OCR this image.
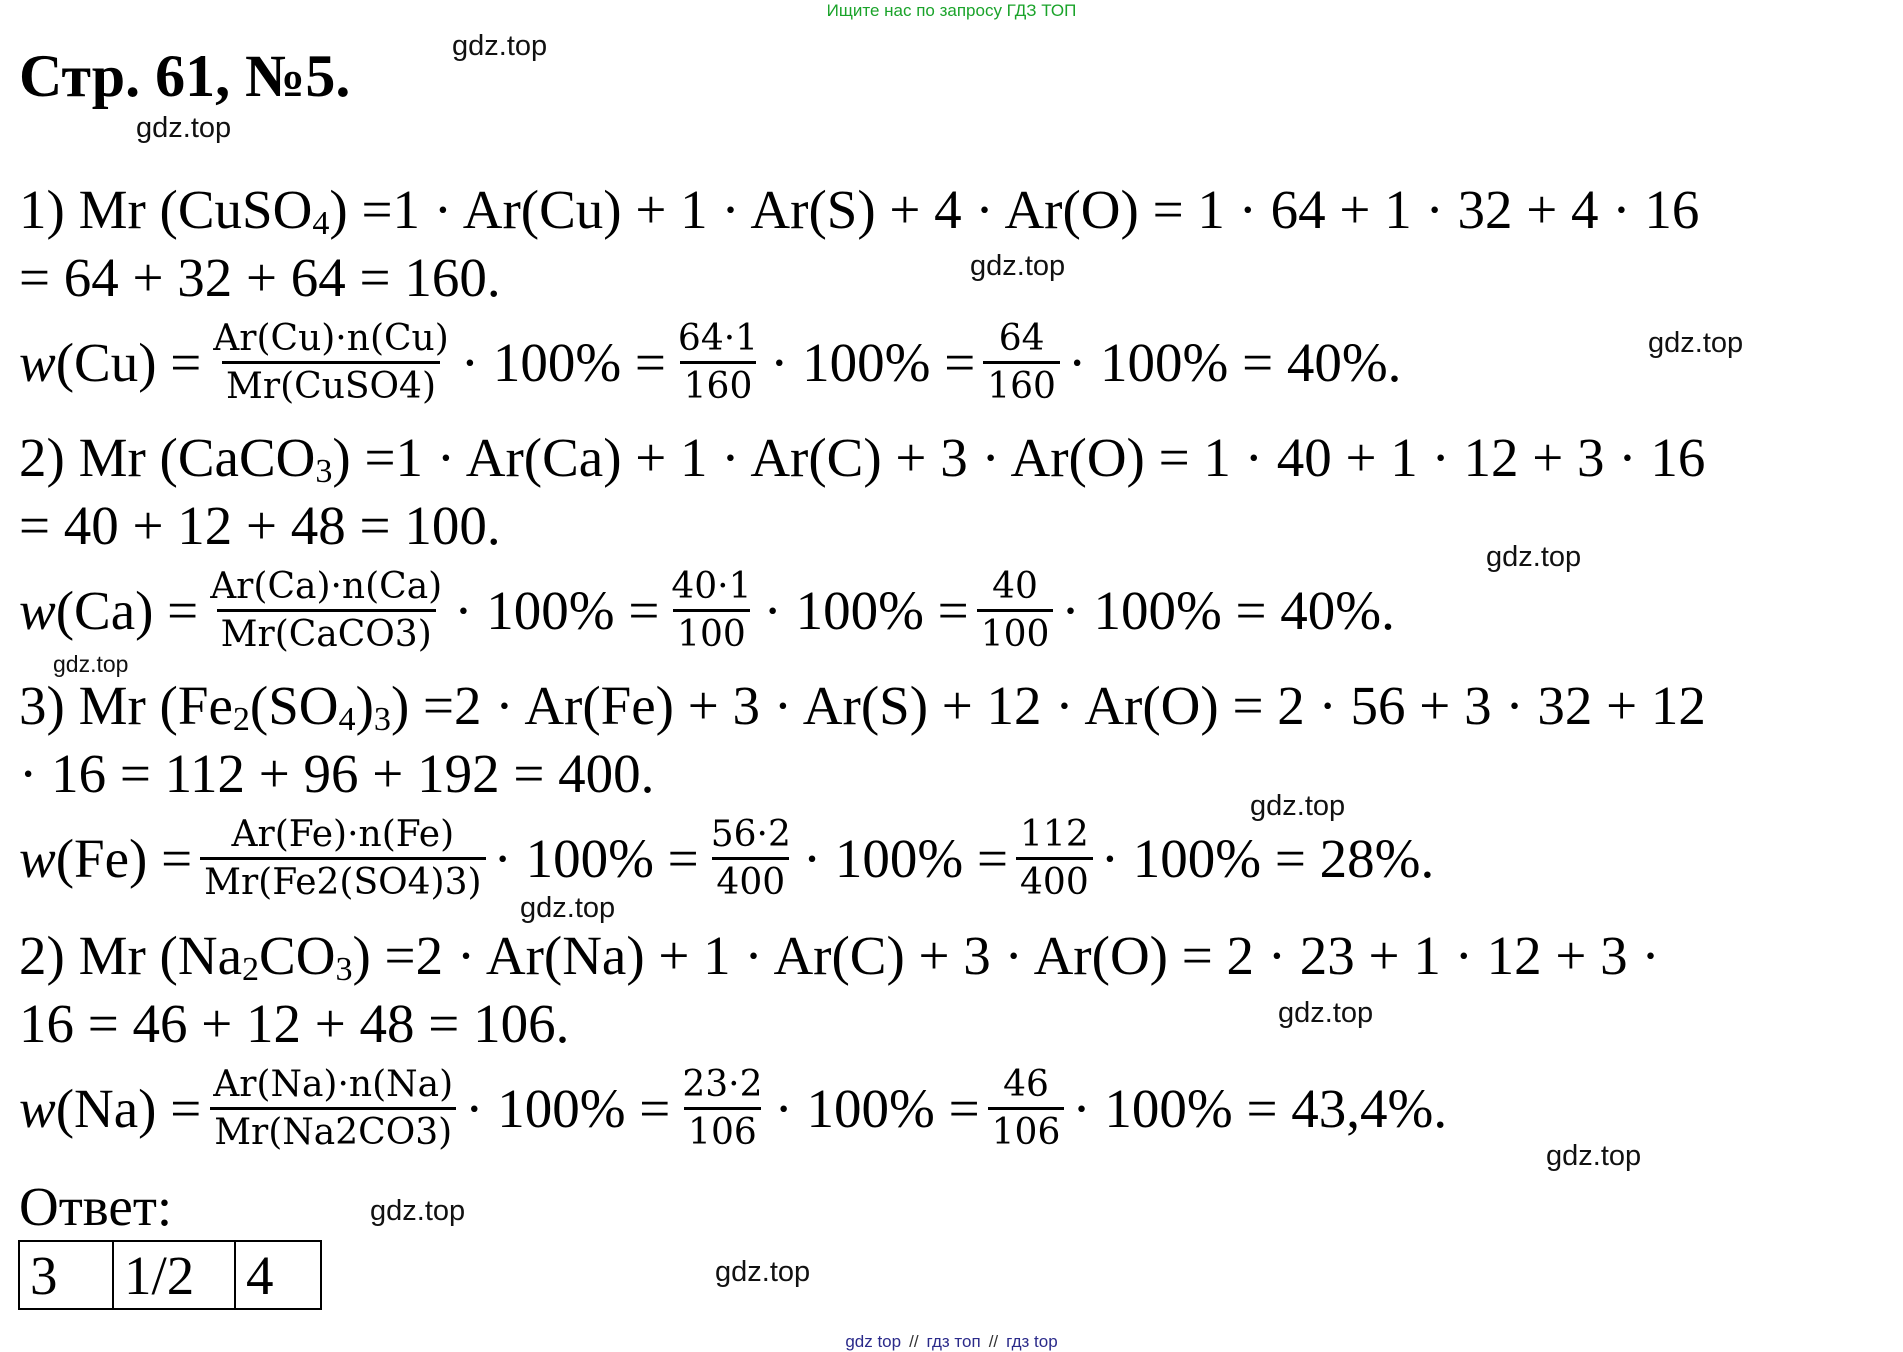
Ищите нас по запросу ГДЗ ТОП
Стр. 61, №5.	gdz.top
gdz.top
gdz.top
gdz.top
gdz.top
gdz.top
gdz.top
gdz.top
gdz.top
gdz.top
gdz.top
gdz.top
1) Mr (CuSO4) =1 · Ar(Cu) + 1 · Ar(S) + 4 · Ar(O) = 1 · 64 + 1 · 32 + 4 · 16
= 64 + 32 + 64 = 160.
w $(Cu) = \frac{Ar(Cu)\cdot n(Cu)}{\text{Mr(CuSO4)}} \cdot 100\% = \frac{64\cdot 1}{160} \cdot 100\% = \frac{64}{160} \cdot 100\% = 40\%$.
2) Mr (CaCO3) =1 · Ar(Ca) + 1 · Ar(C) + 3 · Ar(O) = 1 · 40 + 1 · 12 + 3 · 16
= 40 + 12 + 48 = 100.
w $(Ca) = \frac{Ar(Ca)\cdot n(Ca)}{\text{Mr(CaCO3)}} \cdot 100\% = \frac{40\cdot 1}{100} \cdot 100\% = \frac{40}{100} \cdot 100\% = 40\%$.
3) Mr (Fe2(SO4)3) =2 · Ar(Fe) + 3 · Ar(S) + 12 · Ar(O) = 2 · 56 + 3 · 32 + 12
· 16 = 112 + 96 + 192 = 400.
w $(Fe) = \frac{Ar(Fe)\cdot n(Fe)}{Mr(Fe2(SO4)3)} \cdot 100\% = \frac{56\cdot 2}{400} \cdot 100\% = \frac{112}{400} \cdot 100\% = 28\%$.
2) Mr (Na2CO3) =2 · Ar(Na) + 1 · Ar(C) + 3 · Ar(O) = 2 · 23 + 1 · 12 + 3 ·
16 = 46 + 12 + 48 = 106.
w $(Na) = \frac{Ar(Na)\cdot n(Na)}{Mr(Na2CO3)} \cdot 100\% = \frac{23\cdot 2}{106} \cdot 100\% = \frac{46}{106} \cdot 100\% = 43,4\%$.
Ответ:
3	1/2	4
gdz top // гдз топ // гдз top
